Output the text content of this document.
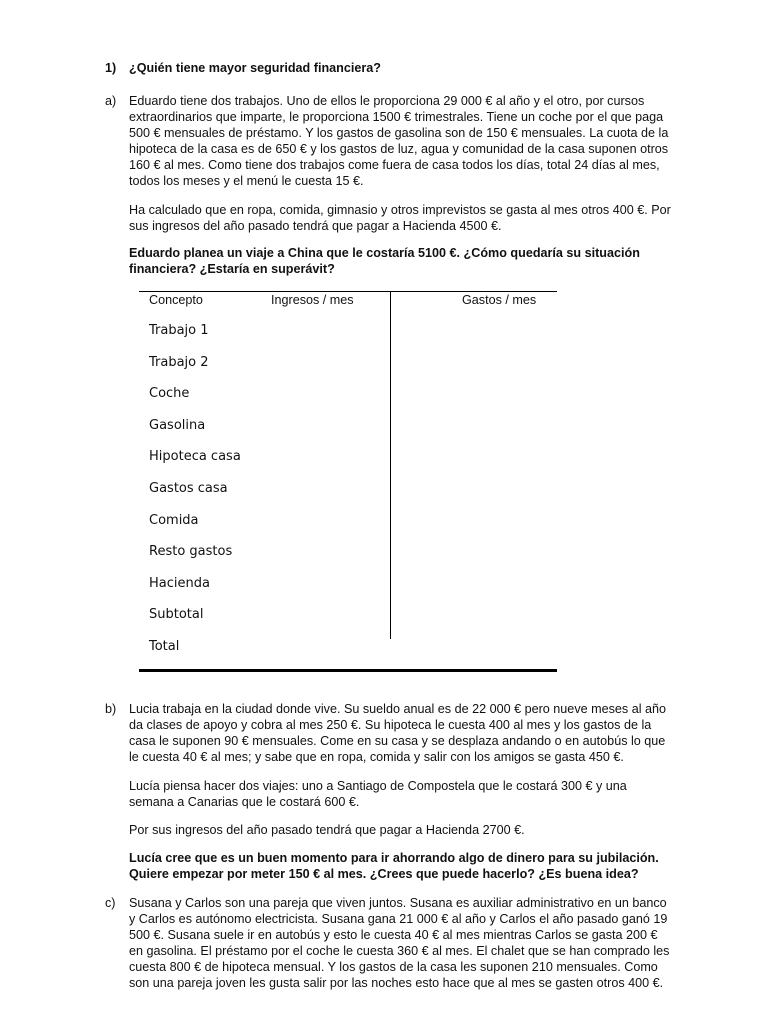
1) ¿Quién tiene mayor seguridad financiera?
a) Eduardo tiene dos trabajos. Uno de ellos le proporciona 29 000 € al año y el otro, por cursos

extraordinarios que imparte, le proporciona 1500 € trimestrales. Tiene un coche por el que paga

500 € mensuales de préstamo. Y los gastos de gasolina son de 150 € mensuales. La cuota de la

hipoteca de la casa es de 650 € y los gastos de luz, agua y comunidad de la casa suponen otros

160 € al mes. Como tiene dos trabajos come fuera de casa todos los días, total 24 días al mes,

todos los meses y el menú le cuesta 15 €.

Ha calculado que en ropa, comida, gimnasio y otros imprevistos se gasta al mes otros 400 €. Por

sus ingresos del año pasado tendrá que pagar a Hacienda 4500 €.

Eduardo planea un viaje a China que le costaría 5100 €. ¿Cómo quedaría su situación

financiera? ¿Estaría en superávit?

Concepto	Ingresos / mes	Gastos / mes
Trabajo 1
Trabajo 2
Coche
Gasolina
Hipoteca casa
Gastos casa
Comida
Resto gastos
Hacienda
Subtotal
Total
b) Lucia trabaja en la ciudad donde vive. Su sueldo anual es de 22 000 € pero nueve meses al año

da clases de apoyo y cobra al mes 250 €. Su hipoteca le cuesta 400 al mes y los gastos de la

casa le suponen 90 € mensuales. Come en su casa y se desplaza andando o en autobús lo que

le cuesta 40 € al mes; y sabe que en ropa, comida y salir con los amigos se gasta 450 €.

Lucía piensa hacer dos viajes: uno a Santiago de Compostela que le costará 300 € y una

semana a Canarias que le costará 600 €.

Por sus ingresos del año pasado tendrá que pagar a Hacienda 2700 €.

Lucía cree que es un buen momento para ir ahorrando algo de dinero para su jubilación.

Quiere empezar por meter 150 € al mes. ¿Crees que puede hacerlo? ¿Es buena idea?

c) Susana y Carlos son una pareja que viven juntos. Susana es auxiliar administrativo en un banco

y Carlos es autónomo electricista. Susana gana 21 000 € al año y Carlos el año pasado ganó 19

500 €. Susana suele ir en autobús y esto le cuesta 40 € al mes mientras Carlos se gasta 200 €

en gasolina. El préstamo por el coche le cuesta 360 € al mes. El chalet que se han comprado les

cuesta 800 € de hipoteca mensual. Y los gastos de la casa les suponen 210 mensuales. Como

son una pareja joven les gusta salir por las noches esto hace que al mes se gasten otros 400 €.
